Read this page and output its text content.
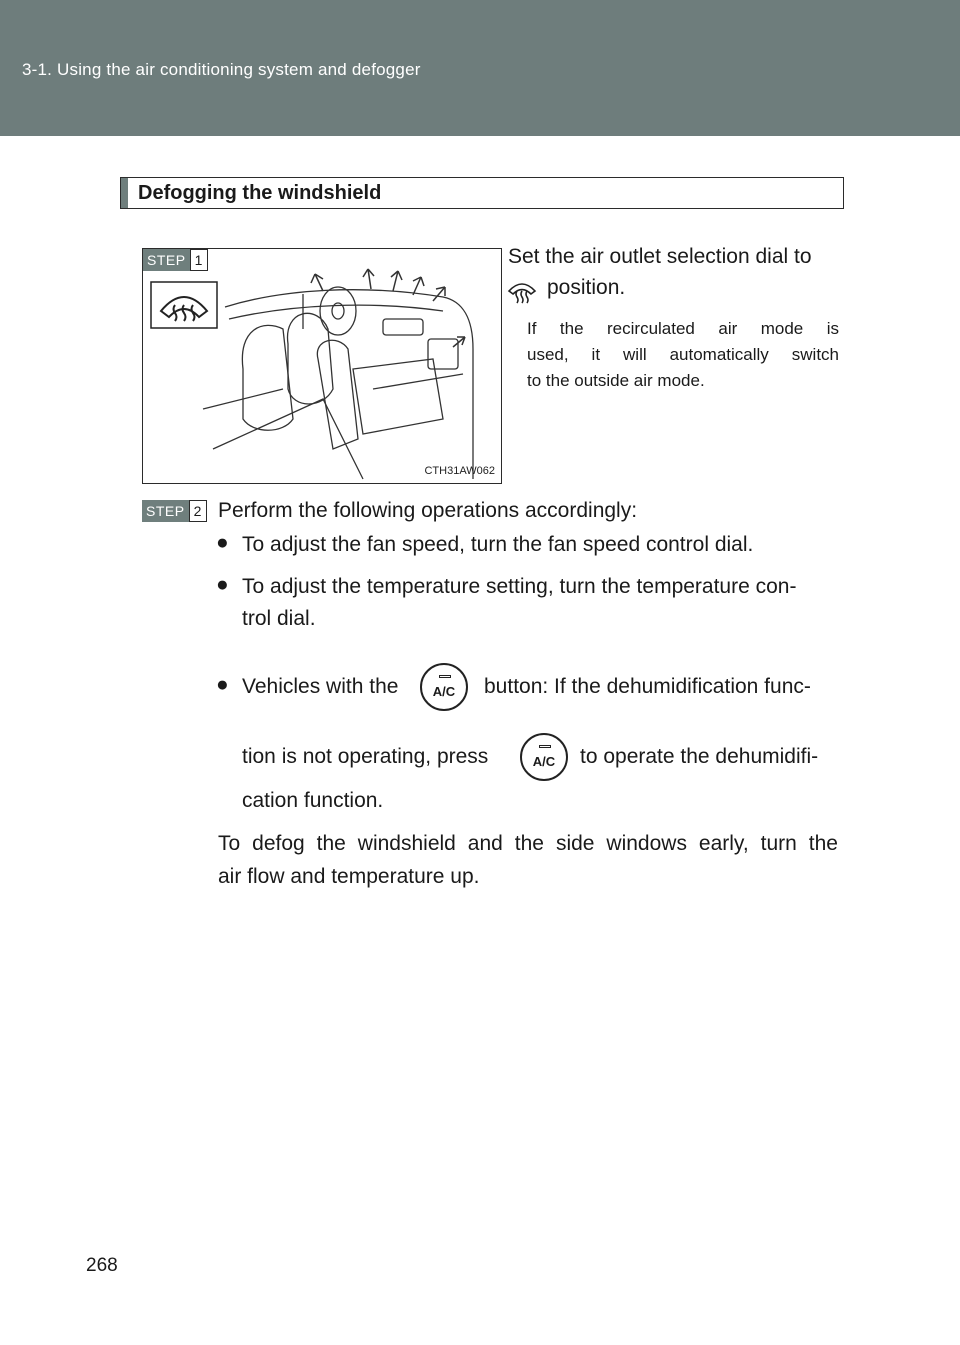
3-1. Using the air conditioning system and defogger
Defogging the windshield
STEP 1
CTH31AW062
Set the air outlet selection dial to
position.
If the recirculated air mode is
used, it will automatically switch
to the outside air mode.
STEP 2 Perform the following operations accordingly:
● To adjust the fan speed, turn the fan speed control dial.
● To adjust the temperature setting, turn the temperature con-
trol dial.
● Vehicles with the	A/C	button: If the dehumidification func-
tion is not operating, press	A/C	to operate the dehumidifi-
cation function.
To defog the windshield and the side windows early, turn the
air flow and temperature up.
268
